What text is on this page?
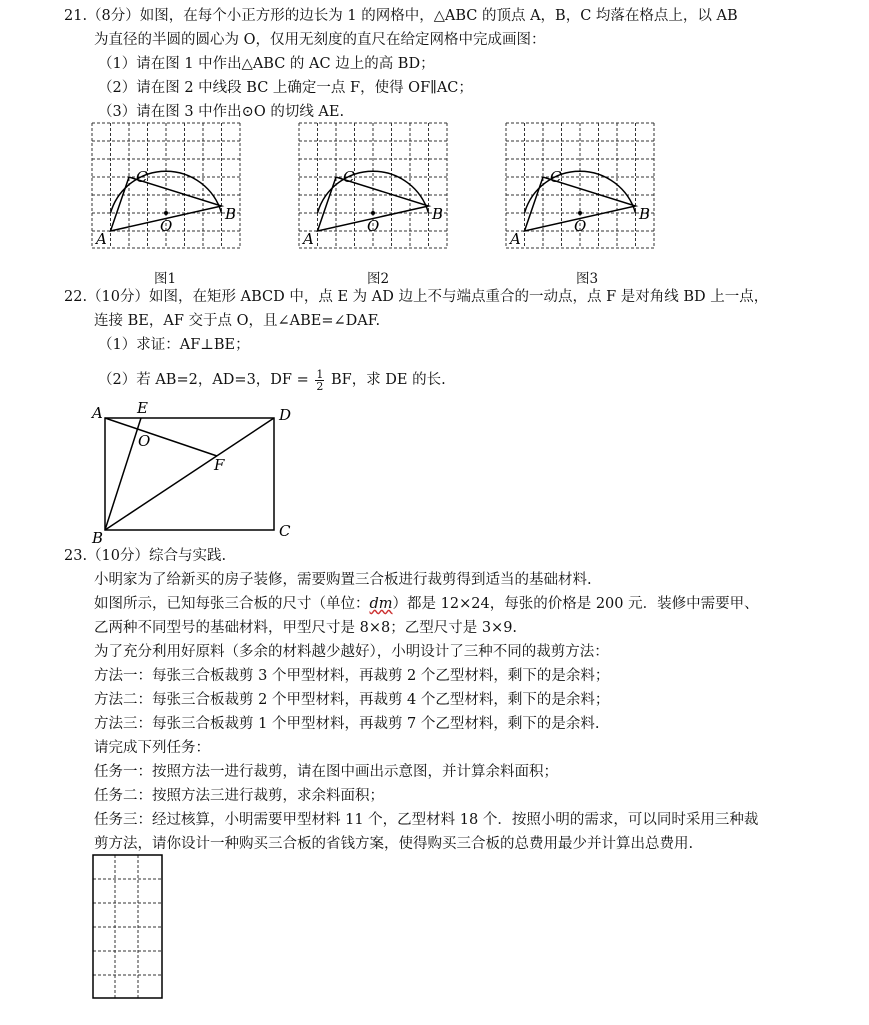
21.（8分）如图，在每个小正方形的边长为 1 的网格中，△ABC 的顶点 A，B，C 均落在格点上，以 AB
为直径的半圆的圆心为 O，仅用无刻度的直尺在给定网格中完成画图：
（1）请在图 1 中作出△ABC 的 AC 边上的高 BD；
（2）请在图 2 中线段 BC 上确定一点 F，使得 OF∥AC；
（3）请在图 3 中作出⊙O 的切线 AE.
A
B
C
O
图1
A
B
C
O
图2
A
B
C
O
图3
22.（10分）如图，在矩形 ABCD 中，点 E 为 AD 边上不与端点重合的一动点，点 F 是对角线 BD 上一点，
连接 BE，AF 交于点 O，且∠ABE=∠DAF.
（1）求证：AF⊥BE；
（2）若 AB=2，AD=3，DF = $\frac{1}{2}$ BF，求 DE 的长.
A E	D
O
F
B	C
23.（10分）综合与实践.
小明家为了给新买的房子装修，需要购置三合板进行裁剪得到适当的基础材料.
如图所示，已知每张三合板的尺寸（单位：dm）都是 12×24，每张的价格是 200 元．装修中需要甲、
乙两种不同型号的基础材料，甲型尺寸是 8×8；乙型尺寸是 3×9.
为了充分利用好原料（多余的材料越少越好），小明设计了三种不同的裁剪方法：
方法一：每张三合板裁剪 3 个甲型材料，再裁剪 2 个乙型材料，剩下的是余料；
方法二：每张三合板裁剪 2 个甲型材料，再裁剪 4 个乙型材料，剩下的是余料；
方法三：每张三合板裁剪 1 个甲型材料，再裁剪 7 个乙型材料，剩下的是余料.
请完成下列任务：
任务一：按照方法一进行裁剪，请在图中画出示意图，并计算余料面积；
任务二：按照方法三进行裁剪，求余料面积；
任务三：经过核算，小明需要甲型材料 11 个，乙型材料 18 个．按照小明的需求，可以同时采用三种裁
剪方法，请你设计一种购买三合板的省钱方案，使得购买三合板的总费用最少并计算出总费用.
